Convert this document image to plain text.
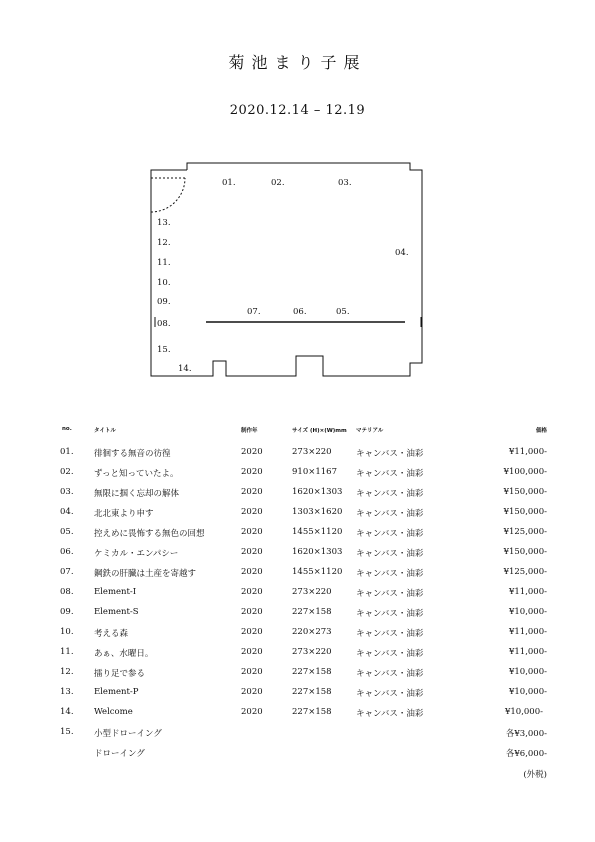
菊池まり子展
2020.12.14 – 12.19
01.	02.	03.
04.
05.
06.
07.
08.
09.
10.
11.
12.
13.
14.
15.
no.	タイトル	制作年	サイズ (H)×(W)mm マテリアル	価格
01. 徘徊する無音の彷徨	2020	273×220	キャンバス・油彩	¥11,000-
02. ずっと知っていたよ。	2020	910×1167 キャンバス・油彩	¥100,000-
03. 無限に掴く忘却の解体	2020	1620×1303 キャンバス・油彩	¥150,000-
04. 北北東より申す	2020	1303×1620 キャンバス・油彩	¥150,000-
05. 控えめに畏怖する無色の回想	2020	1455×1120 キャンバス・油彩	¥125,000-
06. ケミカル・エンパシー	2020	1620×1303 キャンバス・油彩	¥150,000-
07. 鋼鉄の肝臓は土産を寄越す	2020	1455×1120 キャンバス・油彩	¥125,000-
08. Element-Ⅰ	2020	273×220	キャンバス・油彩	¥11,000-
09. Element-S	2020	227×158	キャンバス・油彩	¥10,000-
10. 考える森	2020	220×273	キャンバス・油彩	¥11,000-
11. あぁ、水曜日。	2020	273×220	キャンバス・油彩	¥11,000-
12. 擂り足で参る	2020	227×158	キャンバス・油彩	¥10,000-
13. Element-P	2020	227×158	キャンバス・油彩	¥10,000-
14. Welcome	2020	227×158	キャンバス・油彩	¥10,000-
15. 小型ドローイング	各¥3,000-
ドローイング	各¥6,000-
(外税)
